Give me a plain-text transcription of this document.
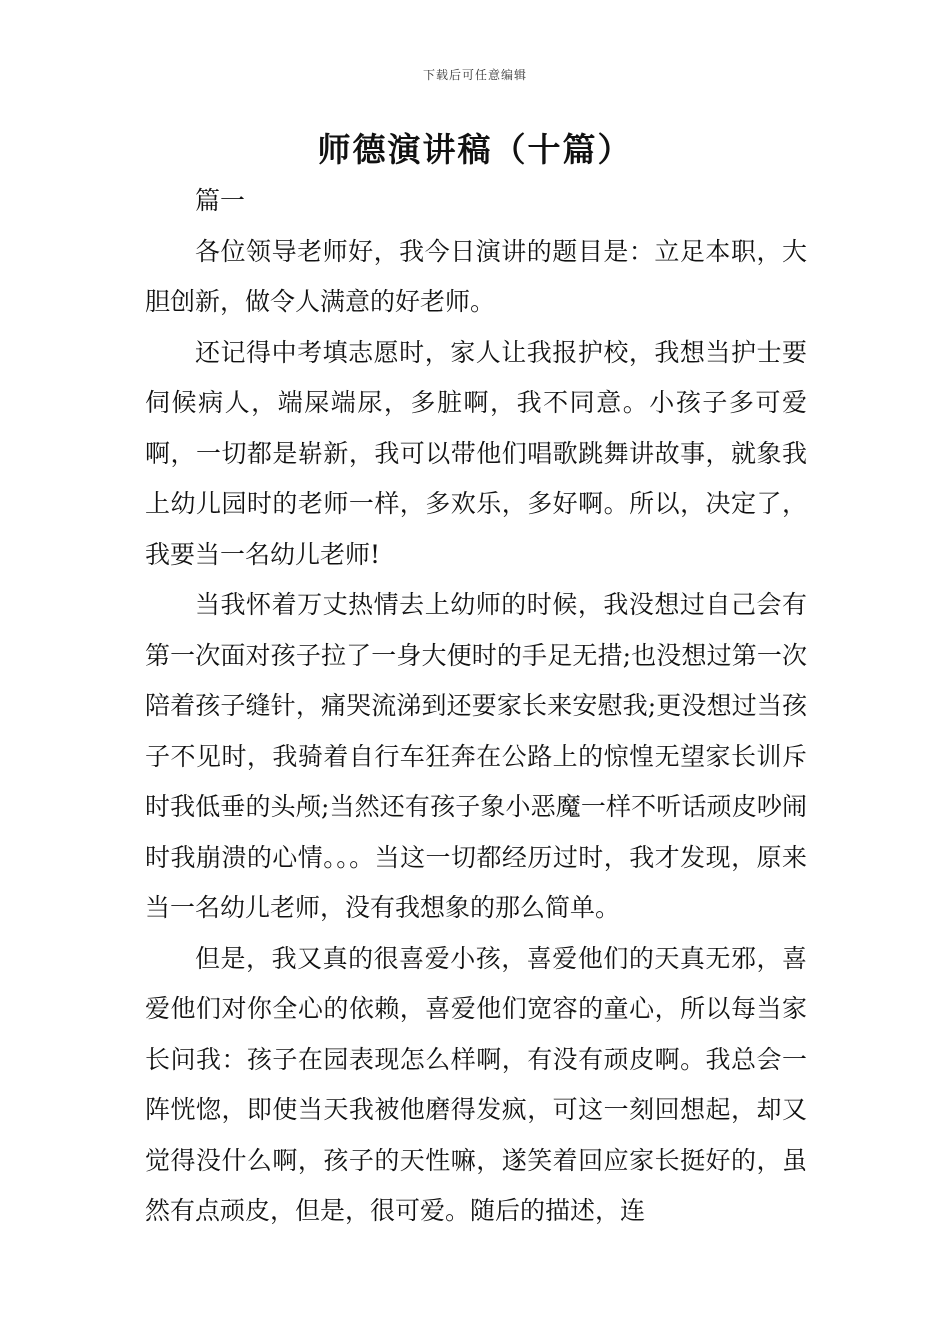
下载后可任意编辑
师德演讲稿（十篇）

篇一

各位领导老师好，我今日演讲的题目是：立足本职，大胆创新，做令人满意的好老师。

还记得中考填志愿时，家人让我报护校，我想当护士要伺候病人，端屎端尿，多脏啊，我不同意。小孩子多可爱啊，一切都是崭新，我可以带他们唱歌跳舞讲故事，就象我上幼儿园时的老师一样，多欢乐，多好啊。所以，决定了，我要当一名幼儿老师!

当我怀着万丈热情去上幼师的时候，我没想过自己会有第一次面对孩子拉了一身大便时的手足无措;也没想过第一次陪着孩子缝针，痛哭流涕到还要家长来安慰我;更没想过当孩子不见时，我骑着自行车狂奔在公路上的惊惶无望家长训斥时我低垂的头颅;当然还有孩子象小恶魔一样不听话顽皮吵闹时我崩溃的心情。。。当这一切都经历过时，我才发现，原来当一名幼儿老师，没有我想象的那么简单。

但是，我又真的很喜爱小孩，喜爱他们的天真无邪，喜爱他们对你全心的依赖，喜爱他们宽容的童心，所以每当家长问我：孩子在园表现怎么样啊，有没有顽皮啊。我总会一阵恍惚，即使当天我被他磨得发疯，可这一刻回想起，却又觉得没什么啊，孩子的天性嘛，遂笑着回应家长挺好的，虽然有点顽皮，但是，很可爱。随后的描述，连
